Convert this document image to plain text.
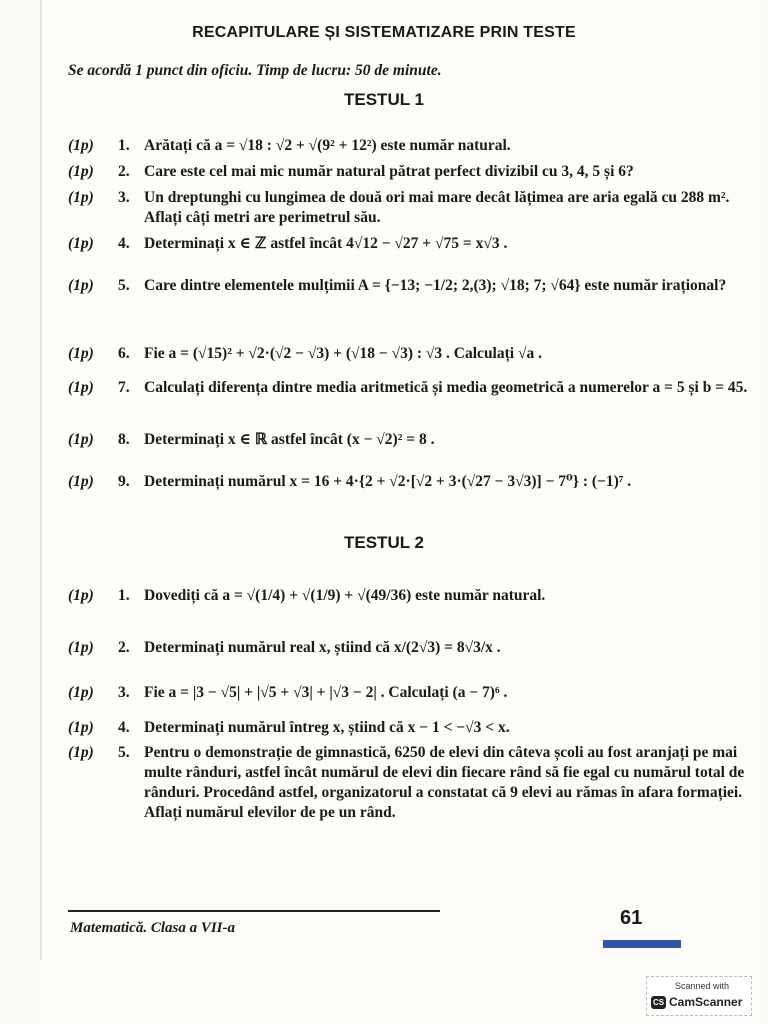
RECAPITULARE ȘI SISTEMATIZARE PRIN TESTE
Se acordă 1 punct din oficiu. Timp de lucru: 50 de minute.
TESTUL 1
(1p) 1. Arătați că a = √18 : √2 + √(9² + 12²) este număr natural.
(1p) 2. Care este cel mai mic număr natural pătrat perfect divizibil cu 3, 4, 5 și 6?
(1p) 3. Un dreptunghi cu lungimea de două ori mai mare decât lățimea are aria egală cu 288 m². Aflați câți metri are perimetrul său.
(1p) 4. Determinați x ∈ ℤ astfel încât 4√12 − √27 + √75 = x√3 .
(1p) 5. Care dintre elementele mulțimii A = {−13; −1/2; 2,(3); √18; 7; √64} este număr irațional?
(1p) 6. Fie a = (√15)² + √2·(√2 − √3) + (√18 − √3) : √3 . Calculați √a .
(1p) 7. Calculați diferența dintre media aritmetică și media geometrică a numerelor a = 5 și b = 45.
(1p) 8. Determinați x ∈ ℝ astfel încât (x − √2)² = 8 .
(1p) 9. Determinați numărul x = 16 + 4·{2 + √2·[√2 + 3·(√27 − 3√3)] − 7⁰} : (−1)⁷ .
TESTUL 2
(1p) 1. Dovediți că a = √(1/4) + √(1/9) + √(49/36) este număr natural.
(1p) 2. Determinați numărul real x, știind că x/(2√3) = 8√3/x .
(1p) 3. Fie a = |3 − √5| + |√5 + √3| + |√3 − 2| . Calculați (a − 7)⁶ .
(1p) 4. Determinați numărul întreg x, știind că x − 1 < −√3 < x.
(1p) 5. Pentru o demonstrație de gimnastică, 6250 de elevi din câteva școli au fost aranjați pe mai multe rânduri, astfel încât numărul de elevi din fiecare rând să fie egal cu numărul total de rânduri. Procedând astfel, organizatorul a constatat că 9 elevi au rămas în afara formației. Aflați numărul elevilor de pe un rând.
Matematică. Clasa a VII-a	61
Scanned with
CS CamScanner
